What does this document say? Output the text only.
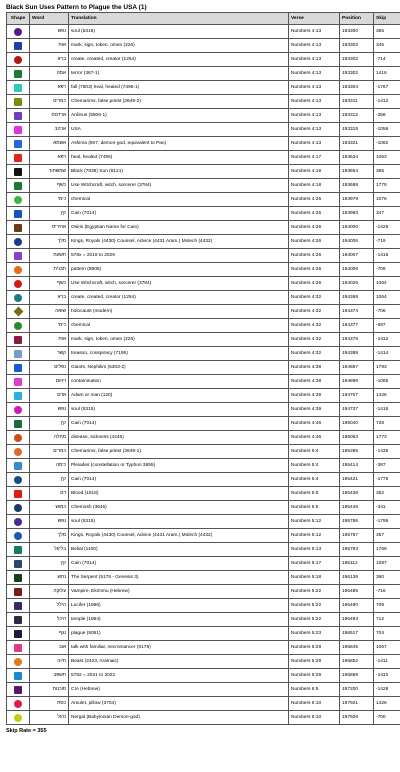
Black Sun Uses Pattern to Plague the USA (1)
Shape	Word	Translation	Verse	Position	Skip

	נפש	soul (5315)	Numbers 4:13	193300	355

	אות	mark, sign, token, omen (226)	Numbers 4:13	193302	345

	ברא	create, created, creator (1254)	Numbers 4:13	193302	-714

	אמה	terror (367-1)	Numbers 4:13	193302	1416

	רפא	fall (7503) heal, healed (7495-1)	Numbers 4:13	193304	-1767

	כמרים	Chemarims, false priest (3649-2)	Numbers 4:13	193311	-1412

	ארדנוס	Ardinus (5906-1)	Numbers 4:13	193312	-358

	ארהב	USA	Numbers 4:13	193318	-1056

	אשמא	Ashima (807, demon-god, equivalent to Pan)	Numbers 4:13	193321	-1082

	רפא	heal, healed (7495)	Numbers 4:17	193634	1063

	שמשחור	Black (7838) Sun (8121)	Numbers 4:18	193654	355

	כשף	Use Witchcraft, witch, sorcerer (3784)	Numbers 4:18	193688	1779

	כימי	chemical	Numbers 4:25	193979	1076

	קין	Cain (7014)	Numbers 4:25	193993	347

	אוזיריס	Osiris (Egyptian Name for Cain)	Numbers 4:26	194000	-1429

	מלך	Kings, Royals (4430) Counsel, Advice (4431 Aram.) Molech (4432)	Numbers 4:26	194006	-719

	תשעח	578x = 2019 to 2029	Numbers 4:26	194007	-1416

	תבנית	pattern (8508)	Numbers 4:26	194008	-709

	כשף	Use Witchcraft, witch, sorcerer (3784)	Numbers 4:26	194025	1064

	ברא	create, created, creator (1254)	Numbers 4:32	194368	1064

	שואה	holocaust (modern)	Numbers 4:32	194374	-706

	כימי	chemical	Numbers 4:32	194377	-697

	אות	mark, sign, token, omen (226)	Numbers 4:32	194378	-1412

	קשר	treason, conspiracy (7195)	Numbers 4:32	194388	-1414

	נפלים	Giants, Nephilim (5303-2)	Numbers 4:38	194887	1793

	זיהום	contamination	Numbers 4:38	194896	-1065

	אדם	Adam or man (120)	Numbers 4:38	194707	1426

	נפש	soul (5315)	Numbers 4:39	194737	-1416

	קין	Cain (7014)	Numbers 4:46	195040	728

	מחלה	disease, sickness (4245)	Numbers 4:46	195063	1773

	כמרים	Chemarims, false priest (3649-1)	Numbers 5:4	195395	-1436

	כימה	Pleiades (constellation or Typhon 3655)	Numbers 5:4	195414	-387

	קין	Cain (7014)	Numbers 5:4	195421	-1778

	דם	Blood (1818)	Numbers 5:5	195436	352

	כמוש	Chemosh (3645)	Numbers 5:5	195445	-341

	נפש	soul (5315)	Numbers 5:12	195786	-1795

	מלך	Kings, Royals (4430) Counsel, Advice (4431 Aram.) Molech (4432)	Numbers 5:12	195787	357

	בליעל	Belial (1100)	Numbers 5:13	195793	1769

	קין	Cain (7014)	Numbers 5:17	196112	1087

	נחש	The Serpent (5175 - Genesis 3)	Numbers 5:18	196136	360

	עלוקה	Vampire, Ekimmu (Hebrew)	Numbers 5:22	196485	-716

	הילל	Lucifer (1966)	Numbers 5:22	196490	709

	היכל	temple (1964)	Numbers 5:22	196493	712

	נגף	plague (5061)	Numbers 5:23	196517	704

	אוב	talk with familiar, necromancer (0178)	Numbers 5:29	196845	1067

	חיוה	Beast (2423, Aramaic)	Numbers 5:29	196852	-1411

	תשפב	5782 = 2021 to 2022	Numbers 5:29	196858	-1410

	סוכנות	CIA (Hebrew)	Numbers 6:5	197200	-1428

	כסת	Amulet, pillow (3704)	Numbers 6:10	197921	1426

	נרגל	Nergal (Babylonian Demon-god)	Numbers 6:10	197928	-700
Skip Rate = 355
